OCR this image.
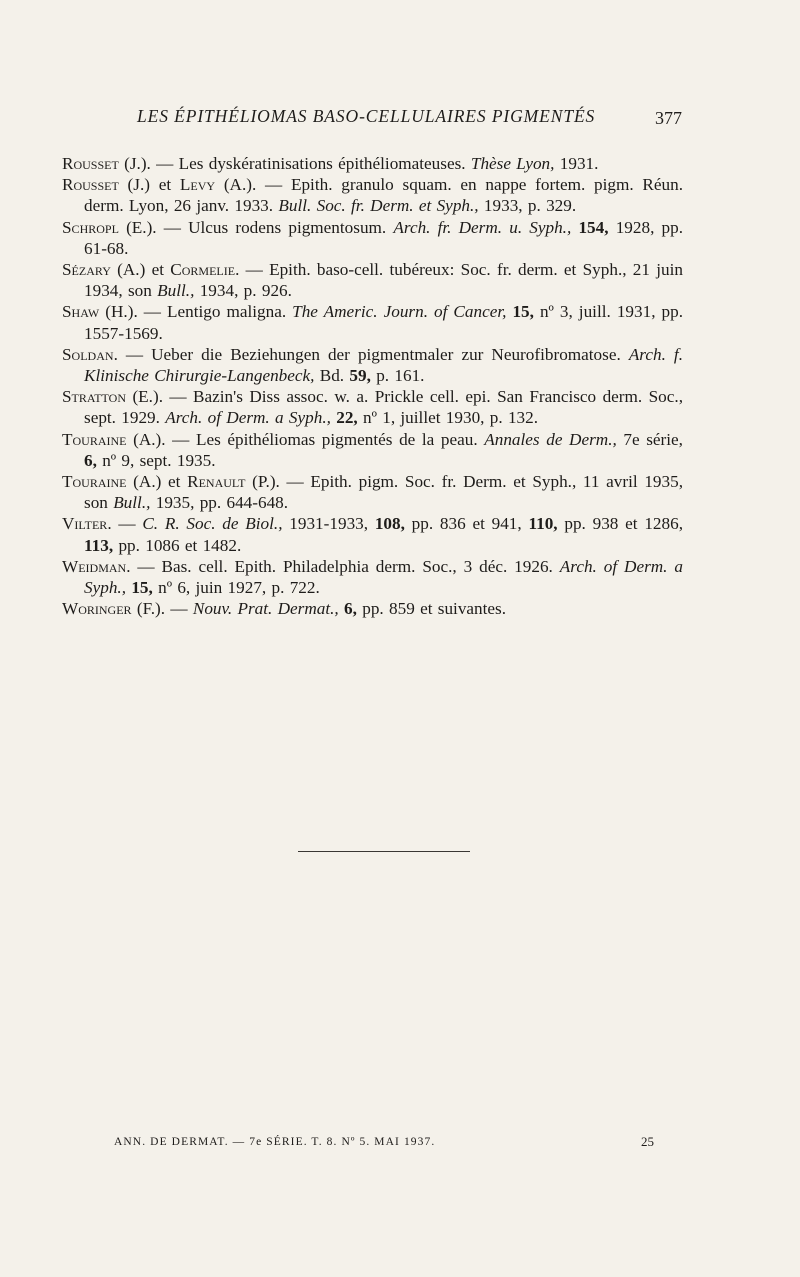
LES ÉPITHÉLIOMAS BASO-CELLULAIRES PIGMENTÉS	377
Rousset (J.). — Les dyskératinisations épithéliomateuses. Thèse Lyon, 1931.
Rousset (J.) et Levy (A.). — Epith. granulo squam. en nappe fortem. pigm. Réun. derm. Lyon, 26 janv. 1933. Bull. Soc. fr. Derm. et Syph., 1933, p. 329.
Schropl (E.). — Ulcus rodens pigmentosum. Arch. fr. Derm. u. Syph., 154, 1928, pp. 61-68.
Sézary (A.) et Cormelie. — Epith. baso-cell. tubéreux: Soc. fr. derm. et Syph., 21 juin 1934, son Bull., 1934, p. 926.
Shaw (H.). — Lentigo maligna. The Americ. Journ. of Cancer, 15, nº 3, juill. 1931, pp. 1557-1569.
Soldan. — Ueber die Beziehungen der pigmentmaler zur Neurofibromatose. Arch. f. Klinische Chirurgie-Langenbeck, Bd. 59, p. 161.
Stratton (E.). — Bazin's Diss assoc. w. a. Prickle cell. epi. San Francisco derm. Soc., sept. 1929. Arch. of Derm. a Syph., 22, nº 1, juillet 1930, p. 132.
Touraine (A.). — Les épithéliomas pigmentés de la peau. Annales de Derm., 7e série, 6, nº 9, sept. 1935.
Touraine (A.) et Renault (P.). — Epith. pigm. Soc. fr. Derm. et Syph., 11 avril 1935, son Bull., 1935, pp. 644-648.
Vilter. — C. R. Soc. de Biol., 1931-1933, 108, pp. 836 et 941, 110, pp. 938 et 1286, 113, pp. 1086 et 1482.
Weidman. — Bas. cell. Epith. Philadelphia derm. Soc., 3 déc. 1926. Arch. of Derm. a Syph., 15, nº 6, juin 1927, p. 722.
Woringer (F.). — Nouv. Prat. Dermat., 6, pp. 859 et suivantes.
ANN. DE DERMAT. — 7e SÉRIE. T. 8. Nº 5. MAI 1937.	25
